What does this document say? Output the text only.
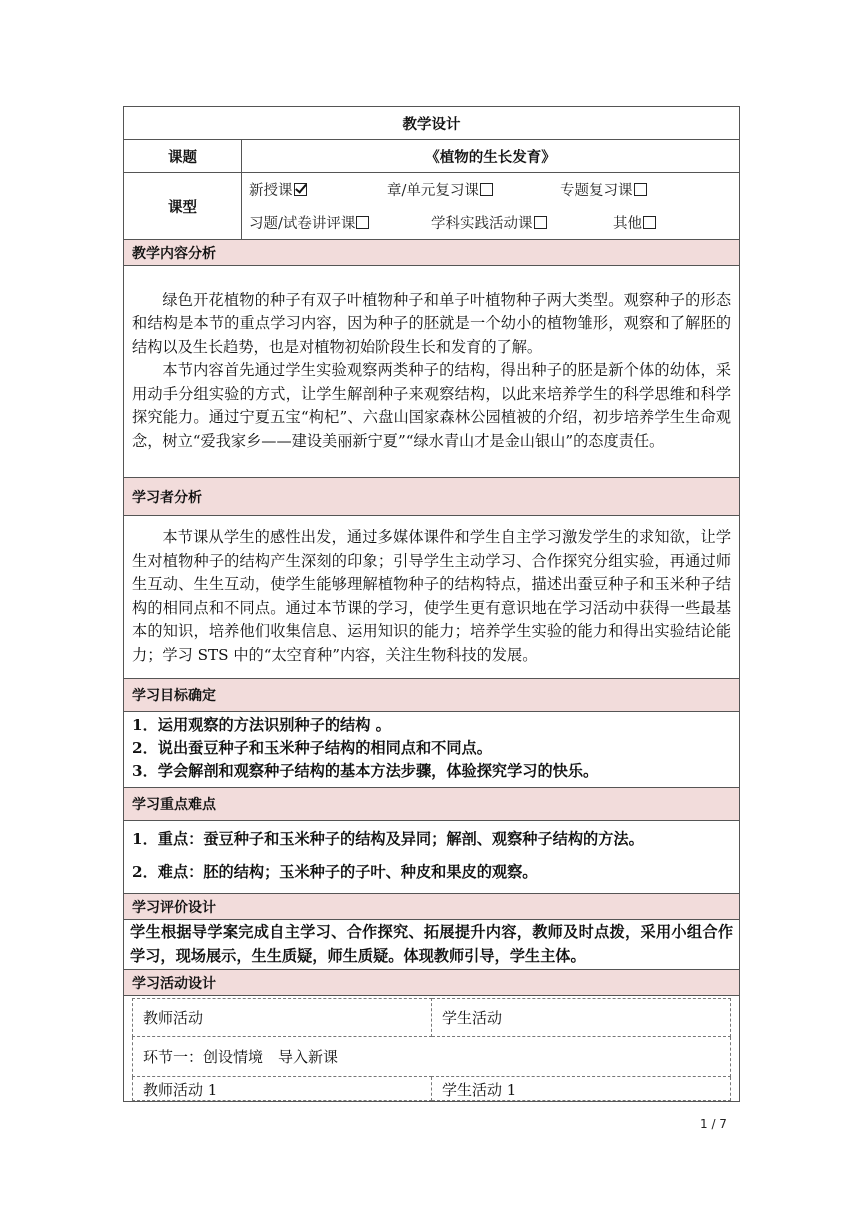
教学设计
课题	《植物的生长发育》
课型	
新授课	章/单元复习课	专题复习课
习题/试卷讲评课	学科实践活动课	其他

教学内容分析

绿色开花植物的种子有双子叶植物种子和单子叶植物种子两大类型。观察种子的形态和结构是本节的重点学习内容，因为种子的胚就是一个幼小的植物雏形，观察和了解胚的结构以及生长趋势，也是对植物初始阶段生长和发育的了解。

本节内容首先通过学生实验观察两类种子的结构，得出种子的胚是新个体的幼体，采用动手分组实验的方式，让学生解剖种子来观察结构，以此来培养学生的科学思维和科学探究能力。通过宁夏五宝“枸杞”、六盘山国家森林公园植被的介绍，初步培养学生生命观念，树立“爱我家乡——建设美丽新宁夏”“绿水青山才是金山银山”的态度责任。

学习者分析

本节课从学生的感性出发，通过多媒体课件和学生自主学习激发学生的求知欲，让学生对植物种子的结构产生深刻的印象；引导学生主动学习、合作探究分组实验，再通过师生互动、生生互动，使学生能够理解植物种子的结构特点，描述出蚕豆种子和玉米种子结构的相同点和不同点。通过本节课的学习，使学生更有意识地在学习活动中获得一些最基本的知识，培养他们收集信息、运用知识的能力；培养学生实验的能力和得出实验结论能力；学习 STS 中的“太空育种”内容，关注生物科技的发展。

学习目标确定

1．运用观察的方法识别种子的结构 。
2．说出蚕豆种子和玉米种子结构的相同点和不同点。
3．学会解剖和观察种子结构的基本方法步骤，体验探究学习的快乐。

学习重点难点

1．重点：蚕豆种子和玉米种子的结构及异同；解剖、观察种子结构的方法。
2．难点：胚的结构；玉米种子的子叶、种皮和果皮的观察。

学习评价设计

学生根据导学案完成自主学习、合作探究、拓展提升内容，教师及时点拨，采用小组合作学习，现场展示，生生质疑，师生质疑。体现教师引导，学生主体。

学习活动设计

教师活动	学生活动
环节一：创设情境　导入新课
教师活动 1	学生活动 1
1 / 7
